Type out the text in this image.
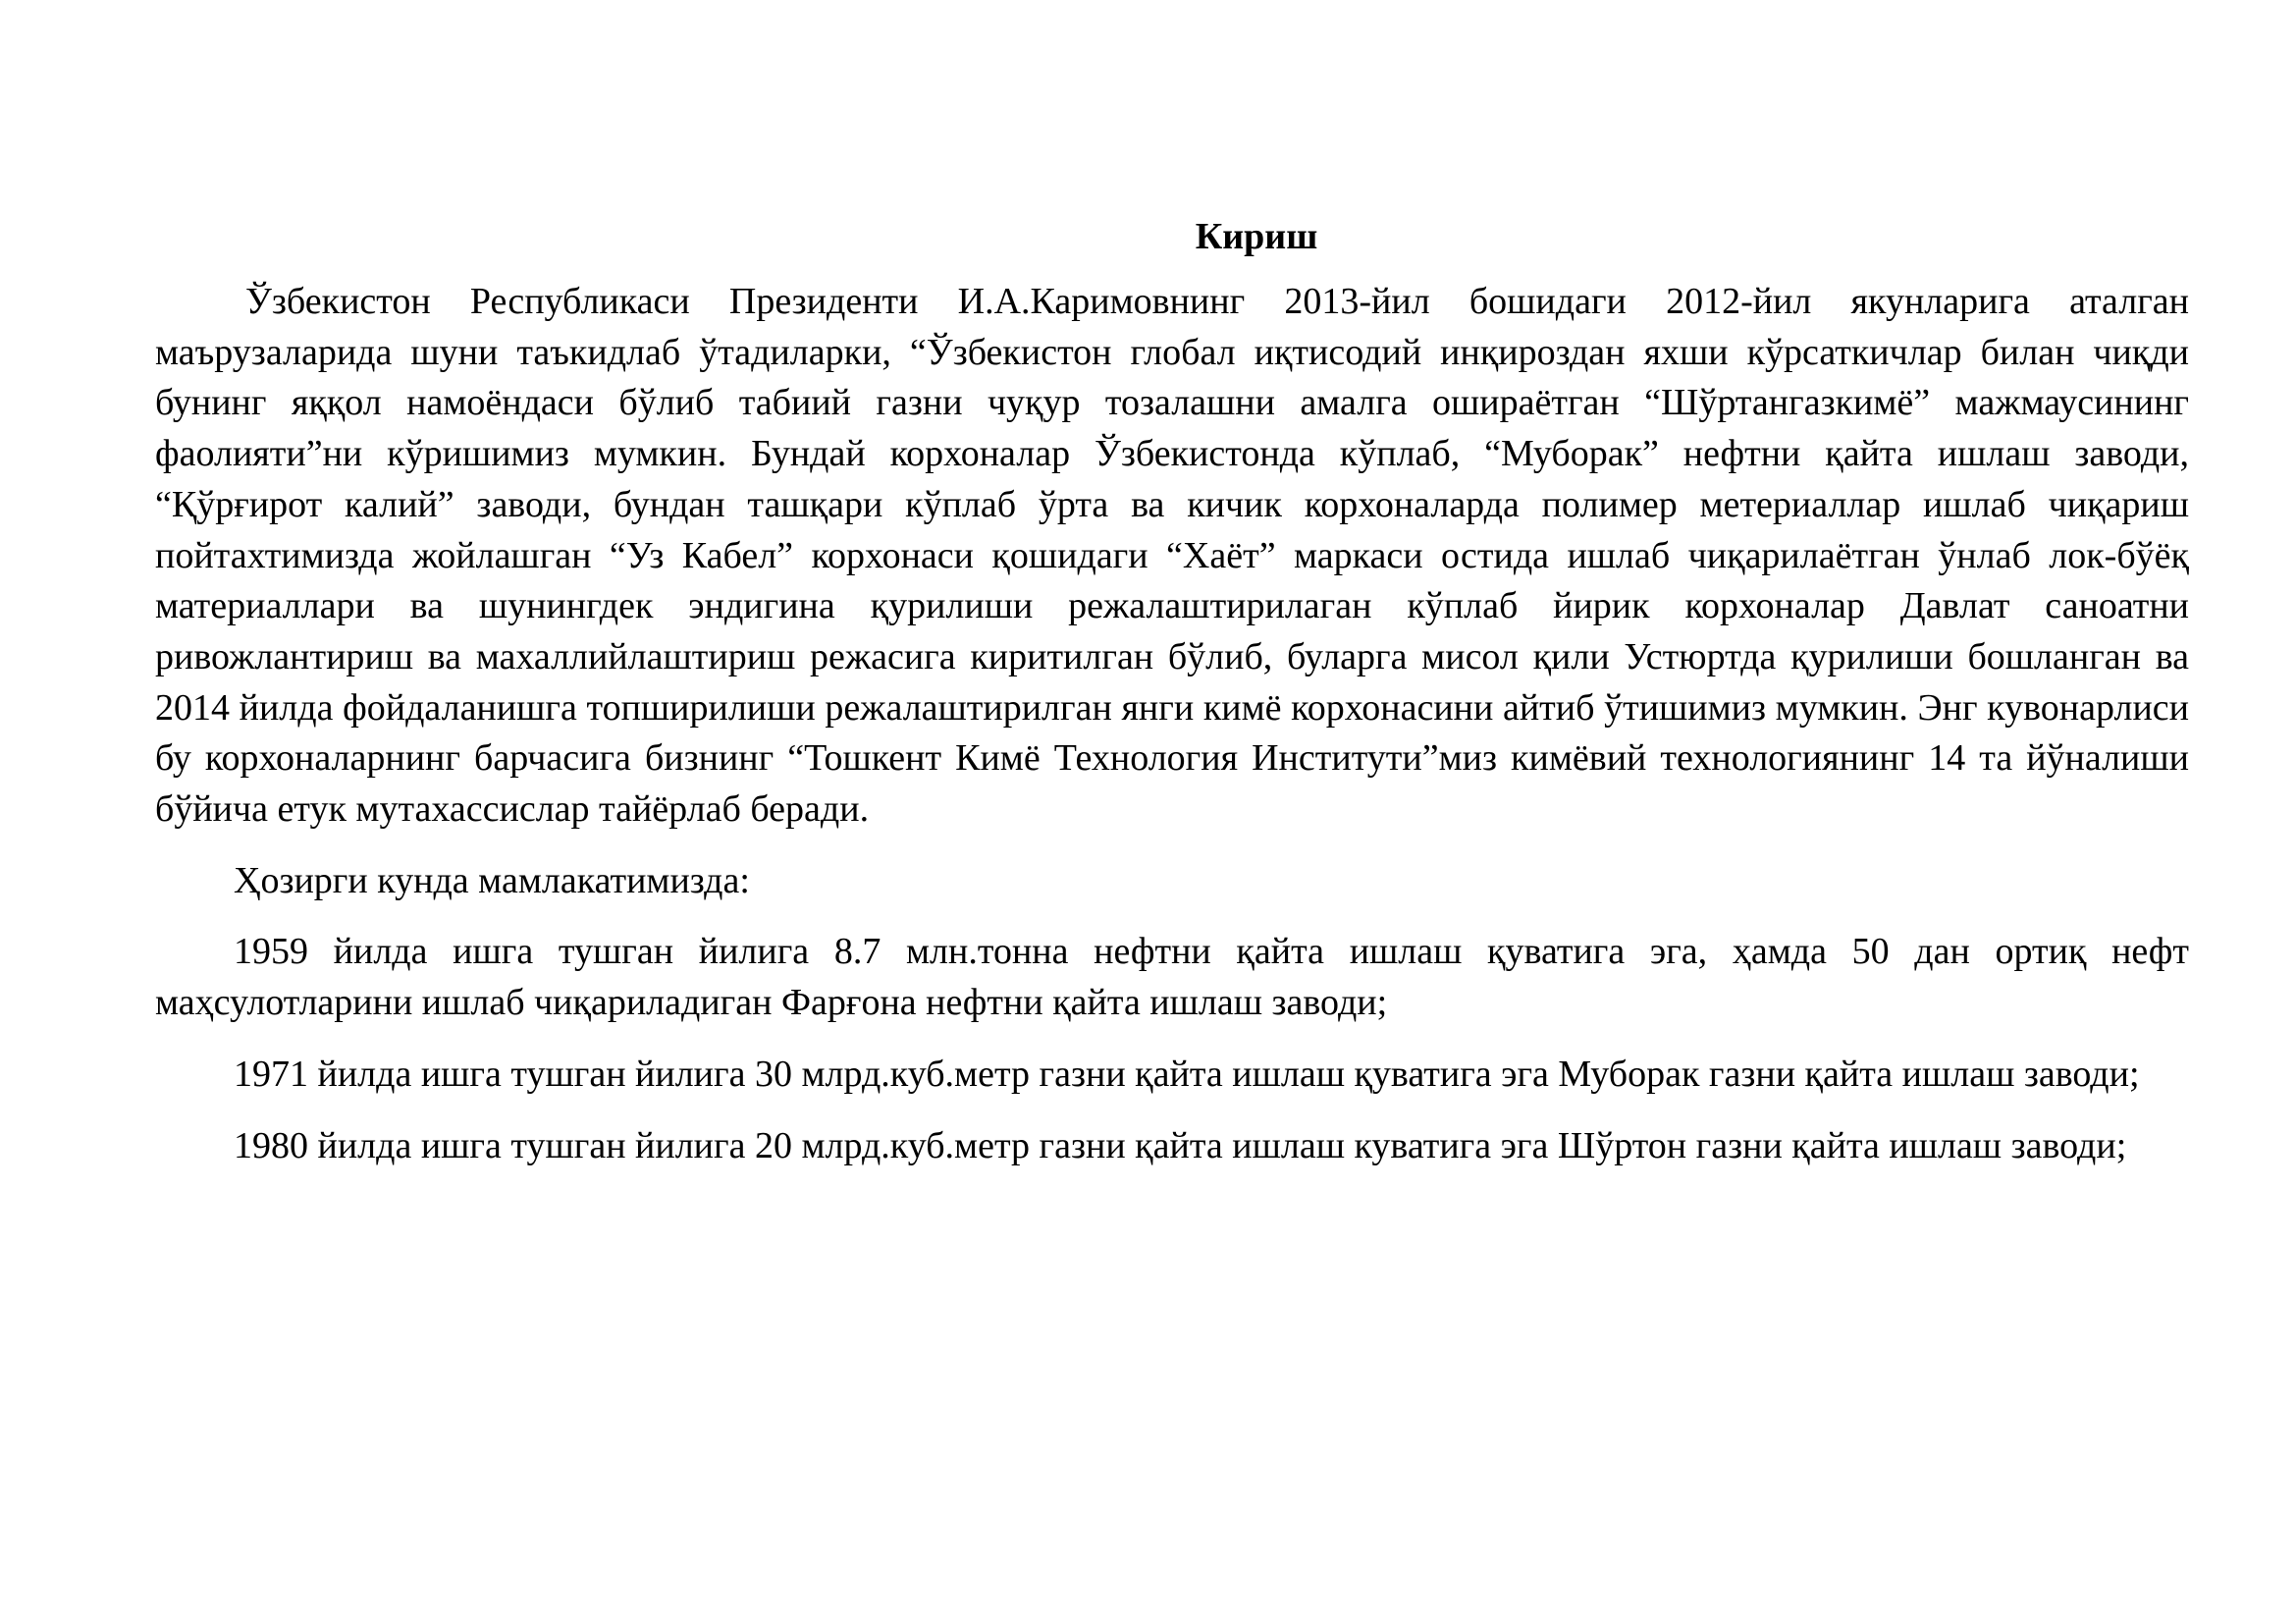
Кириш

Ўзбекистон Республикаси Президенти И.А.Каримовнинг 2013-йил бошидаги 2012-йил якунларига аталган маърузаларида шуни таъкидлаб ўтадиларки, “Ўзбекистон глобал иқтисодий инқироздан яхши кўрсаткичлар билан чиқди бунинг яққол намоёндаси бўлиб табиий газни чуқур тозалашни амалга ошираётган “Шўртангазкимё” мажмаусининг фаолияти”ни кўришимиз мумкин. Бундай корхоналар Ўзбекистонда кўплаб, “Муборак” нефтни қайта ишлаш заводи, “Қўрғирот калий” заводи, бундан ташқари кўплаб ўрта ва кичик корхоналарда полимер метериаллар ишлаб чиқариш пойтахтимизда жойлашган “Уз Кабел” корхонаси қошидаги “Хаёт” маркаси остида ишлаб чиқарилаётган ўнлаб лок-бўёқ материаллари ва шунингдек эндигина қурилиши режалаштирилаган кўплаб йирик корхоналар Давлат саноатни ривожлантириш ва махаллийлаштириш режасига киритилган бўлиб, буларга мисол қили Устюртда қурилиши бошланган ва 2014 йилда фойдаланишга топширилиши режалаштирилган янги кимё корхонасини айтиб ўтишимиз мумкин. Энг кувонарлиси бу корхоналарнинг барчасига бизнинг “Тошкент Кимё Технология Институти”миз кимёвий технологиянинг 14 та йўналиши бўйича етук мутахассислар тайёрлаб беради.

Ҳозирги кунда мамлакатимизда:

1959 йилда ишга тушган йилига 8.7 млн.тонна нефтни қайта ишлаш қуватига эга, ҳамда 50 дан ортиқ нефт маҳсулотларини ишлаб чиқариладиган Фарғона нефтни қайта ишлаш заводи;

1971 йилда ишга тушган йилига 30 млрд.куб.метр газни қайта ишлаш қуватига эга Муборак газни қайта ишлаш заводи;

1980 йилда ишга тушган йилига 20 млрд.куб.метр газни қайта ишлаш куватига эга Шўртон газни қайта ишлаш заводи;
